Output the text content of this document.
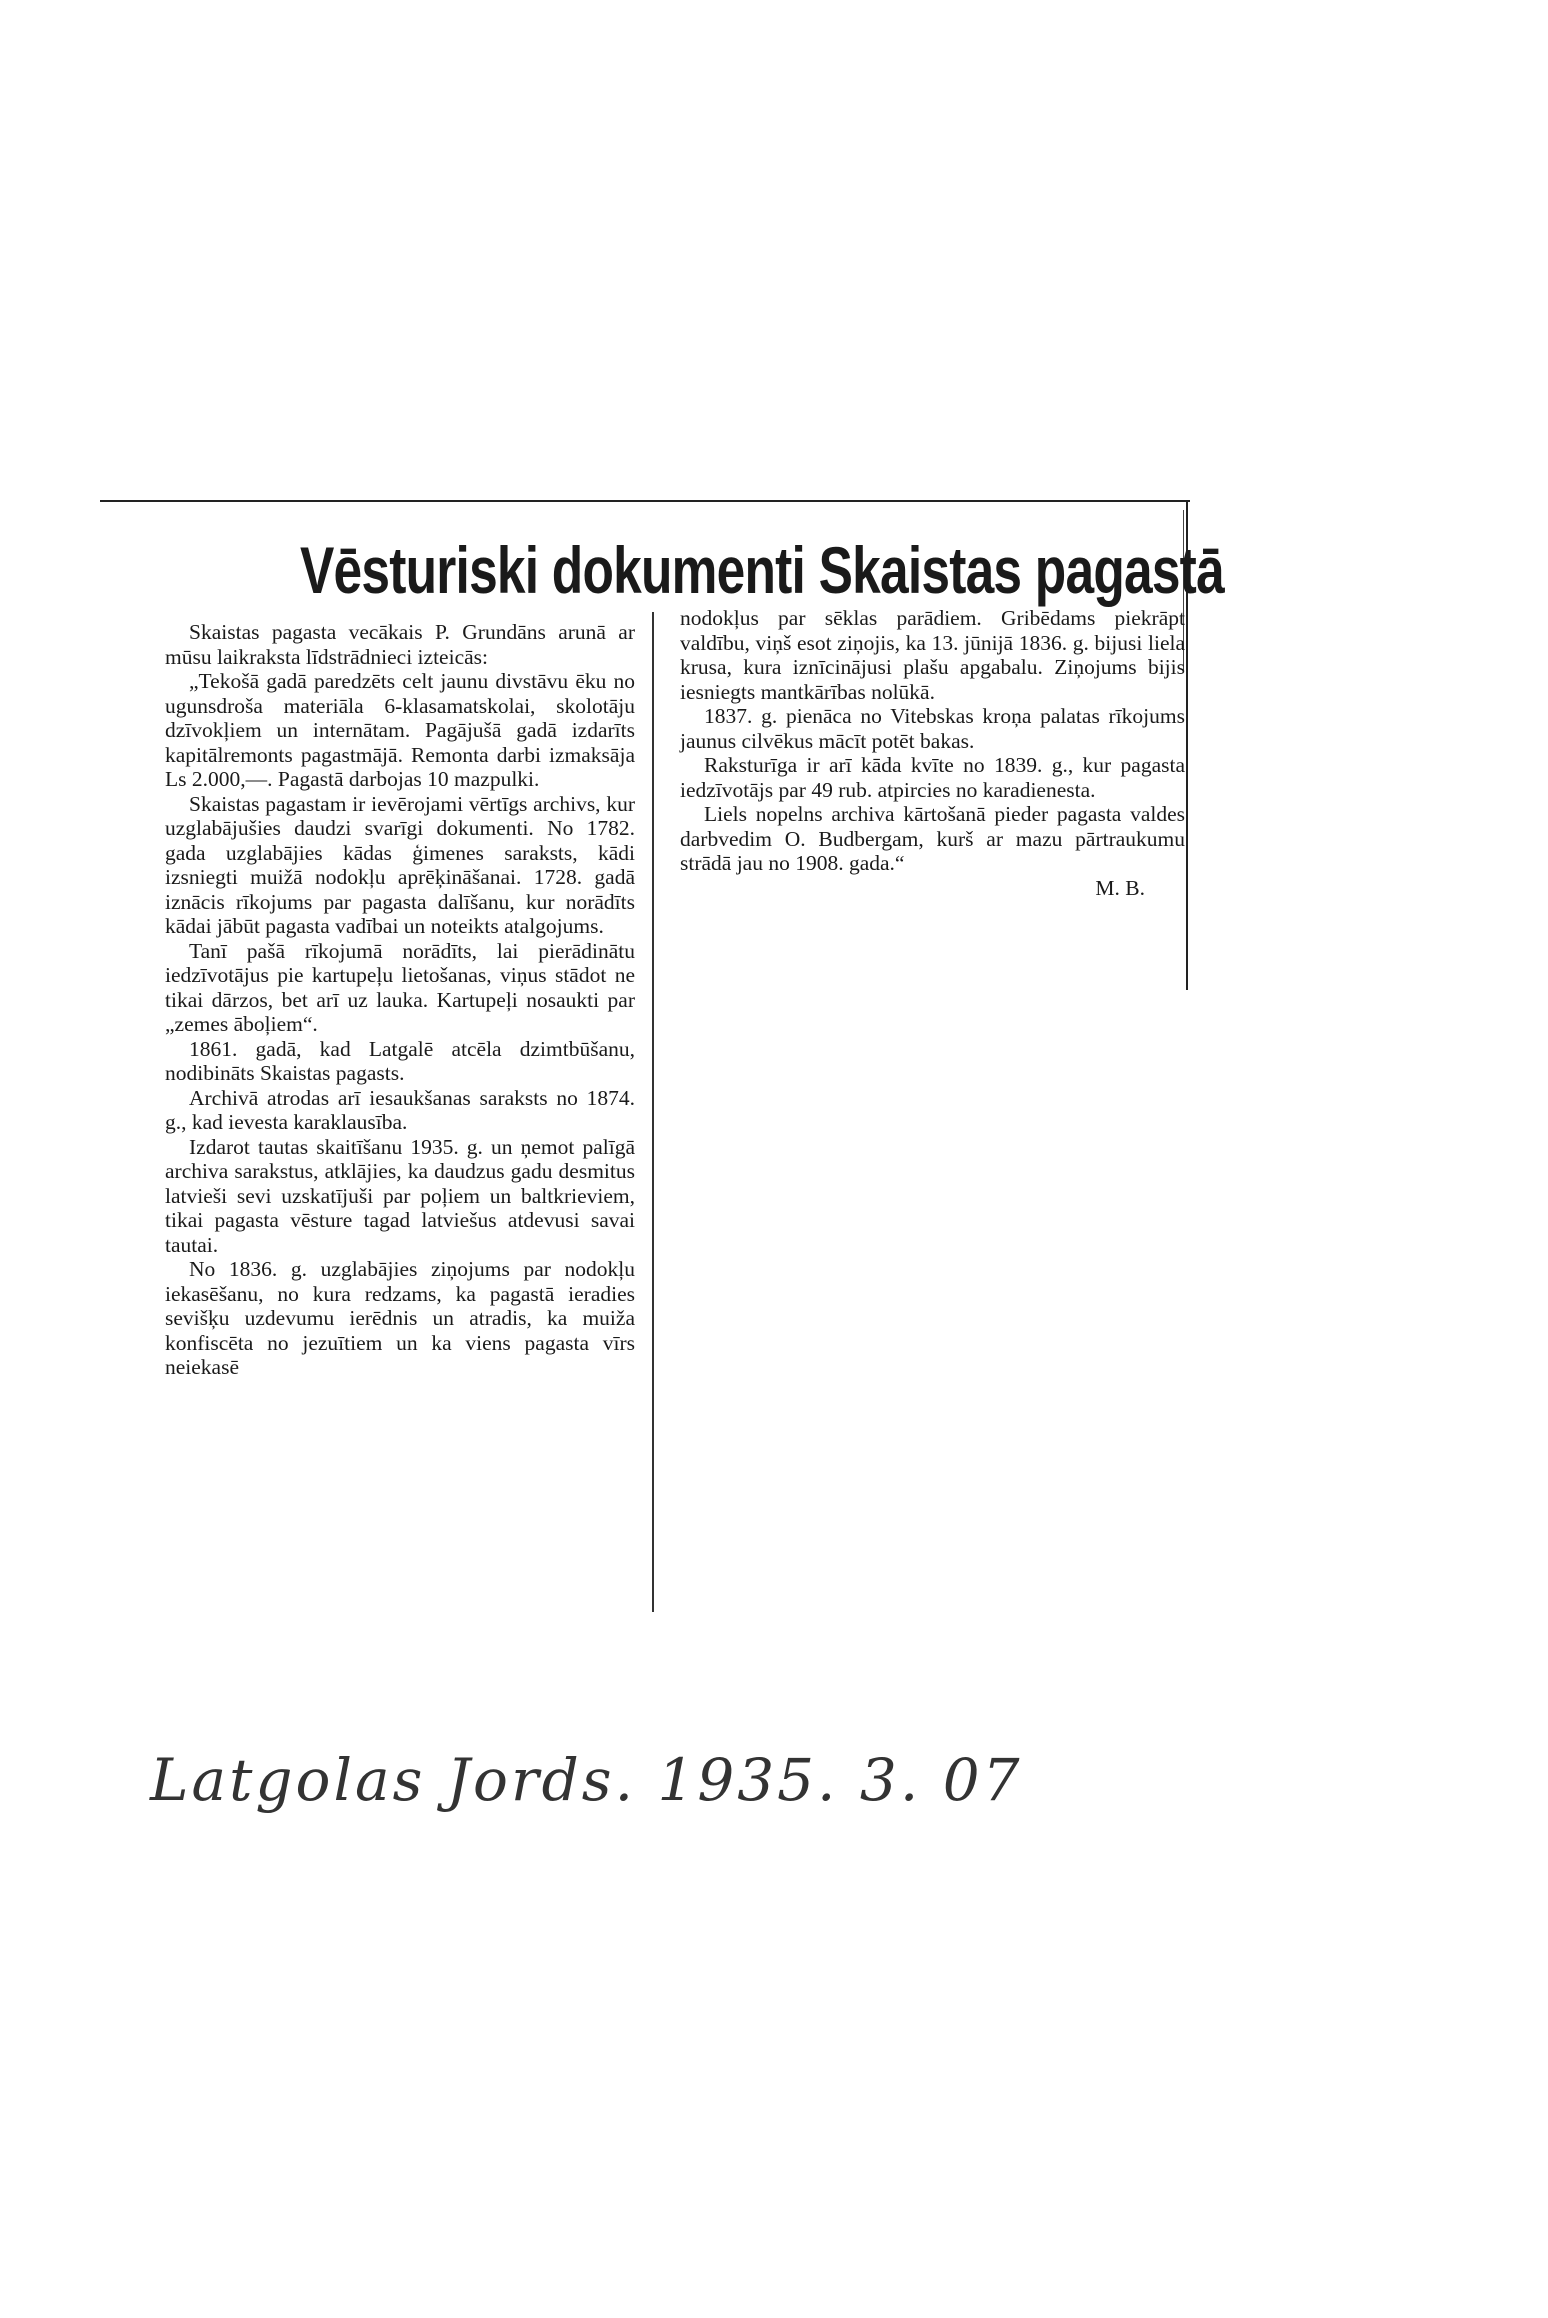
Vēsturiski dokumenti Skaistas pagastā

Skaistas pagasta vecākais P. Grundāns arunā ar mūsu laikraksta līdstrādnieci izteicās:

„Tekošā gadā paredzēts celt jaunu divstāvu ēku no ugunsdroša materiāla 6-klasamatskolai, skolotāju dzīvokļiem un internātam. Pagājušā gadā izdarīts kapitālremonts pagastmājā. Remonta darbi izmaksāja Ls 2.000,—. Pagastā darbojas 10 mazpulki.

Skaistas pagastam ir ievērojami vērtīgs archivs, kur uzglabājušies daudzi svarīgi dokumenti. No 1782. gada uzglabājies kādas ģimenes saraksts, kādi izsniegti muižā nodokļu aprēķināšanai. 1728. gadā iznācis rīkojums par pagasta dalīšanu, kur norādīts kādai jābūt pagasta vadībai un noteikts atalgojums.

Tanī pašā rīkojumā norādīts, lai pierādinātu iedzīvotājus pie kartupeļu lietošanas, viņus stādot ne tikai dārzos, bet arī uz lauka. Kartupeļi nosaukti par „zemes āboļiem“.

1861. gadā, kad Latgalē atcēla dzimtbūšanu, nodibināts Skaistas pagasts.

Archivā atrodas arī iesaukšanas saraksts no 1874. g., kad ievesta karaklausība.

Izdarot tautas skaitīšanu 1935. g. un ņemot palīgā archiva sarakstus, atklājies, ka daudzus gadu desmitus latvieši sevi uzskatījuši par poļiem un baltkrieviem, tikai pagasta vēsture tagad latviešus atdevusi savai tautai.

No 1836. g. uzglabājies ziņojums par nodokļu iekasēšanu, no kura redzams, ka pagastā ieradies sevišķu uzdevumu ierēdnis un atradis, ka muiža konfiscēta no jezuītiem un ka viens pagasta vīrs neiekasē

nodokļus par sēklas parādiem. Gribēdams piekrāpt valdību, viņš esot ziņojis, ka 13. jūnijā 1836. g. bijusi liela krusa, kura iznīcinājusi plašu apgabalu. Ziņojums bijis iesniegts mantkārības nolūkā.

1837. g. pienāca no Vitebskas kroņa palatas rīkojums jaunus cilvēkus mācīt potēt bakas.

Raksturīga ir arī kāda kvīte no 1839. g., kur pagasta iedzīvotājs par 49 rub. atpircies no karadienesta.

Liels nopelns archiva kārtošanā pieder pagasta valdes darbvedim O. Budbergam, kurš ar mazu pārtraukumu strādā jau no 1908. gada.“

M. B.

Latgolas Jords. 1935. 3. 07
